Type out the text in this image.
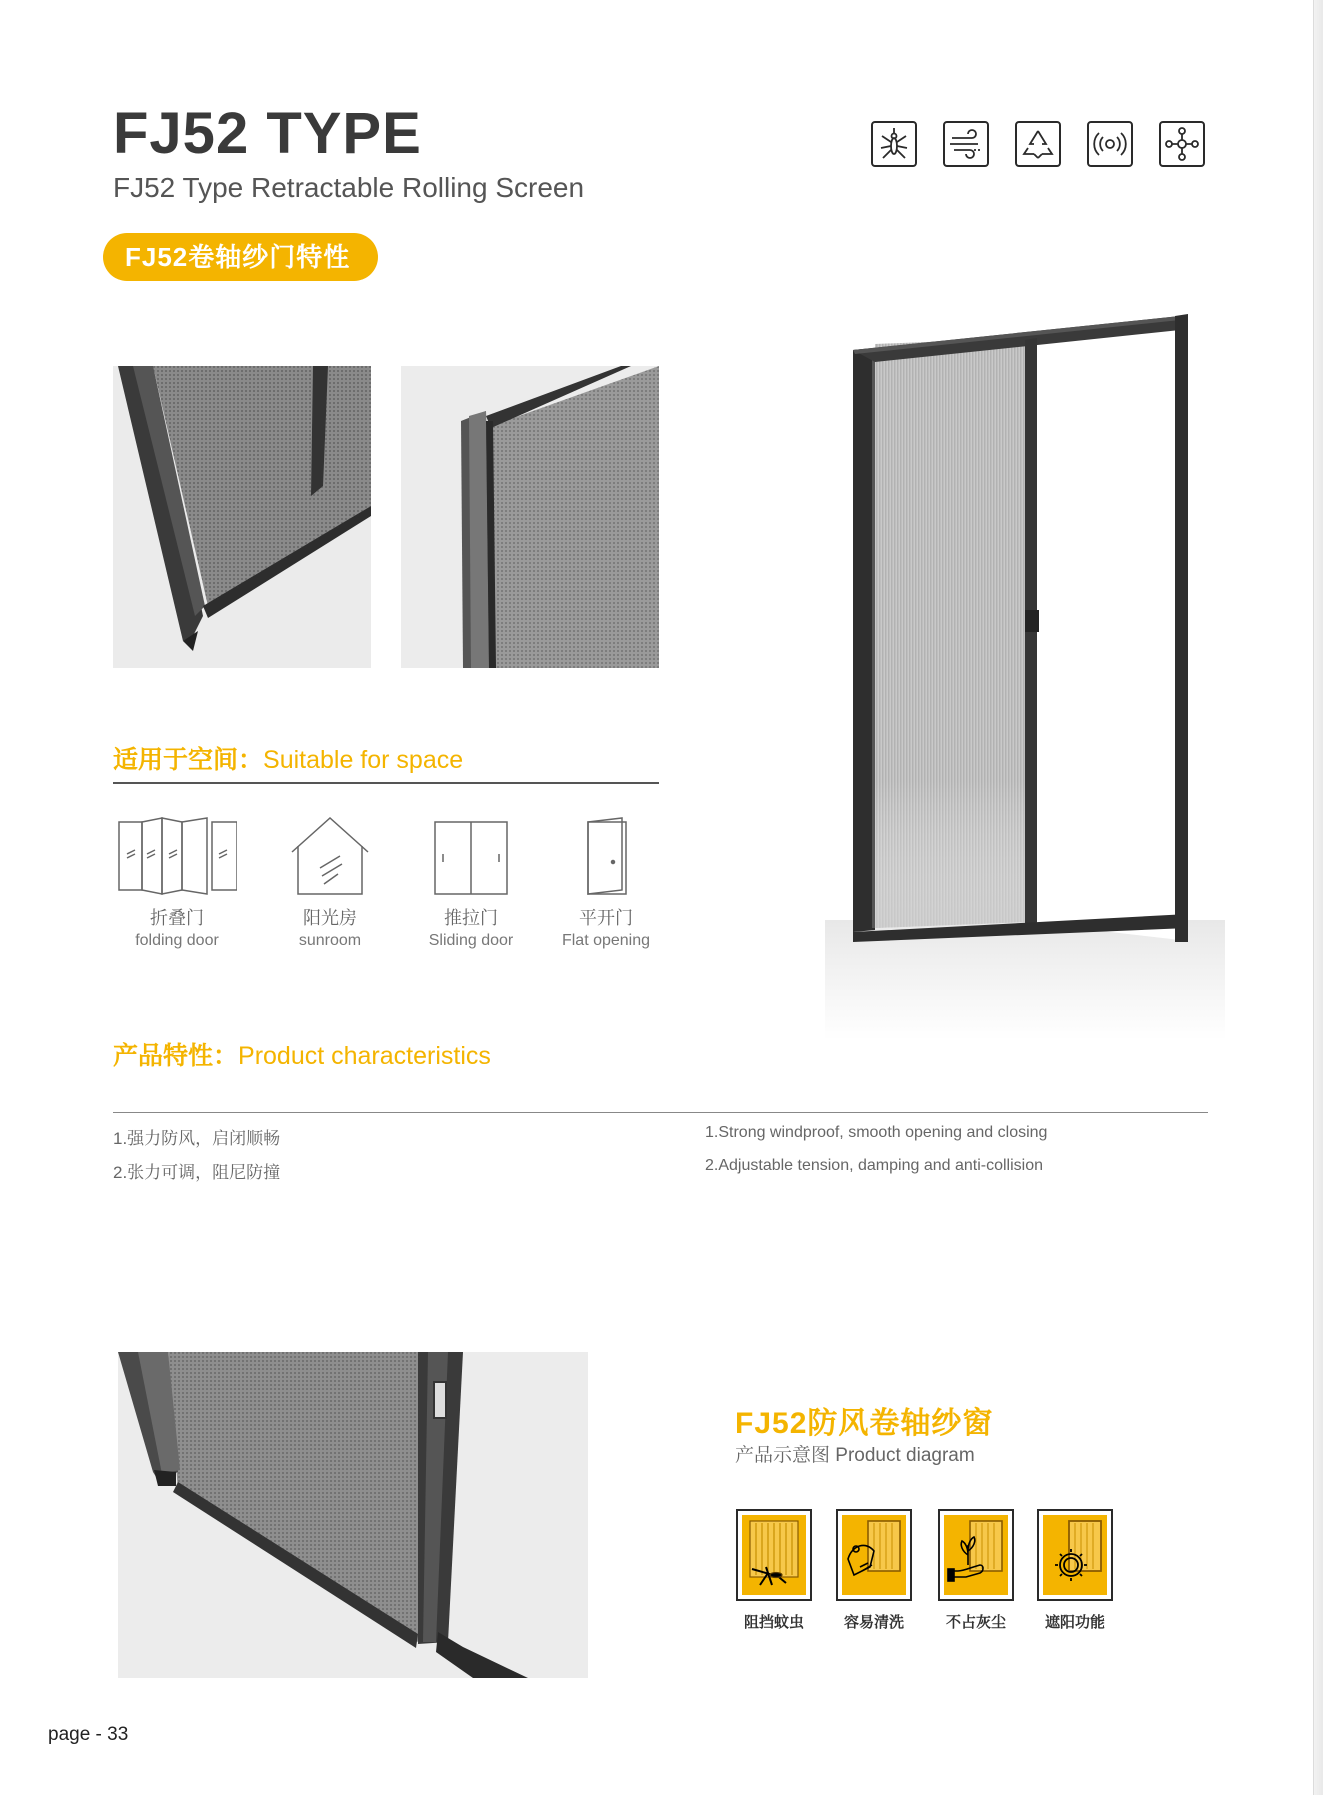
FJ52 TYPE
FJ52 Type Retractable Rolling Screen
FJ52卷轴纱门特性
适用于空间：Suitable for space
折叠门
folding door
阳光房
sunroom
推拉门
Sliding door
平开门
Flat opening
产品特性：Product characteristics
1.强力防风，启闭顺畅
2.张力可调，阻尼防撞
1.Strong windproof, smooth opening and closing
2.Adjustable tension, damping and anti-collision
FJ52防风卷轴纱窗
产品示意图 Product diagram
阻挡蚊虫	容易清洗	不占灰尘	遮阳功能
page - 33
